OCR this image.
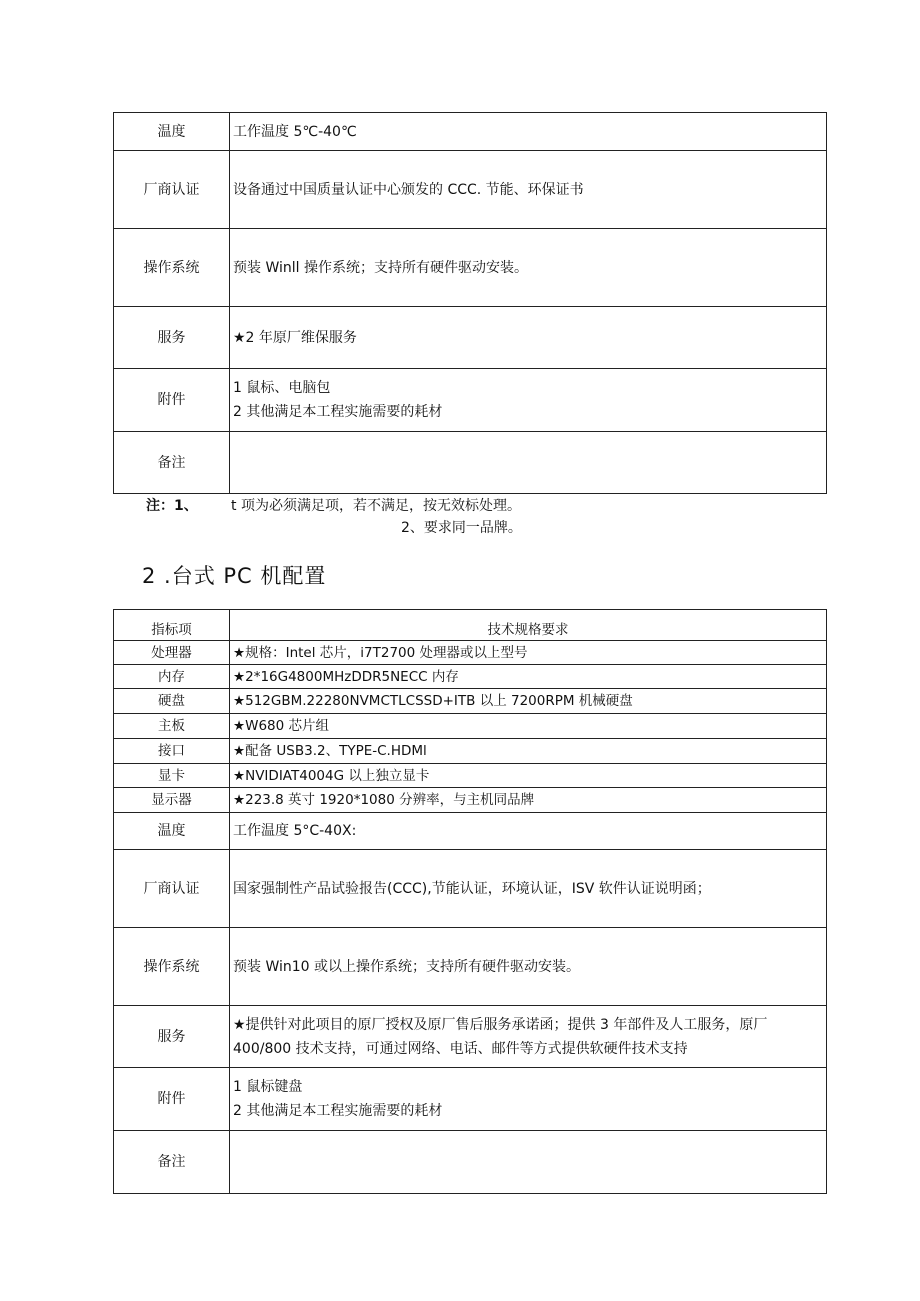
温度	工作温度 5℃-40℃

厂商认证	设备通过中国质量认证中心颁发的 CCC. 节能、环保证书

操作系统	预装 Winll 操作系统；支持所有硬件驱动安装。

服务	★2 年原厂维保服务

附件	1 鼠标、电脑包
2 其他满足本工程实施需要的耗材

备注	
注：1、 t 项为必须满足项，若不满足，按无效标处理。
2、要求同一品牌。
2 .台式 PC 机配置
指标项	技术规格要求
处理器	★规格：Intel 芯片，i7T2700 处理器或以上型号

内存	★2*16G4800MHzDDR5NECC 内存

硬盘	★512GBM.22280NVMCTLCSSD+ITB 以上 7200RPM 机械硬盘

主板	★W680 芯片组

接口	★配备 USB3.2、TYPE-C.HDMl

显卡	★NVIDIAT4004G 以上独立显卡

显示器	★223.8 英寸 1920*1080 分辨率，与主机同品牌

温度	工作温度 5°C-40X:

厂商认证	国家强制性产品试验报告(CCC),节能认证，环境认证，ISV 软件认证说明函；

操作系统	预装 Win10 或以上操作系统；支持所有硬件驱动安装。

服务	★提供针对此项目的原厂授权及原厂售后服务承诺函；提供 3 年部件及人工服务，原厂
400/800 技术支持，可通过网络、电话、邮件等方式提供软硬件技术支持

附件	1 鼠标键盘
2 其他满足本工程实施需要的耗材

备注	
